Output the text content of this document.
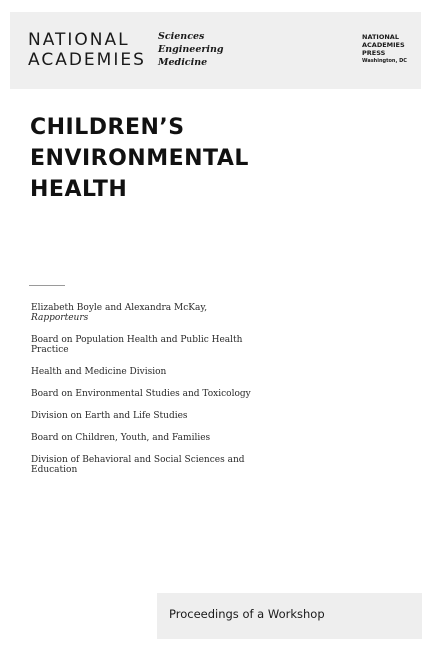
NATIONAL
ACADEMIES
Sciences
Engineering
Medicine
NATIONAL
ACADEMIES
PRESS
Washington, DC
CHILDREN’S
ENVIRONMENTAL
HEALTH
Elizabeth Boyle and Alexandra McKay,
Rapporteurs
Board on Population Health and Public Health Practice
Health and Medicine Division
Board on Environmental Studies and Toxicology
Division on Earth and Life Studies
Board on Children, Youth, and Families
Division of Behavioral and Social Sciences and Education
Proceedings of a Workshop
